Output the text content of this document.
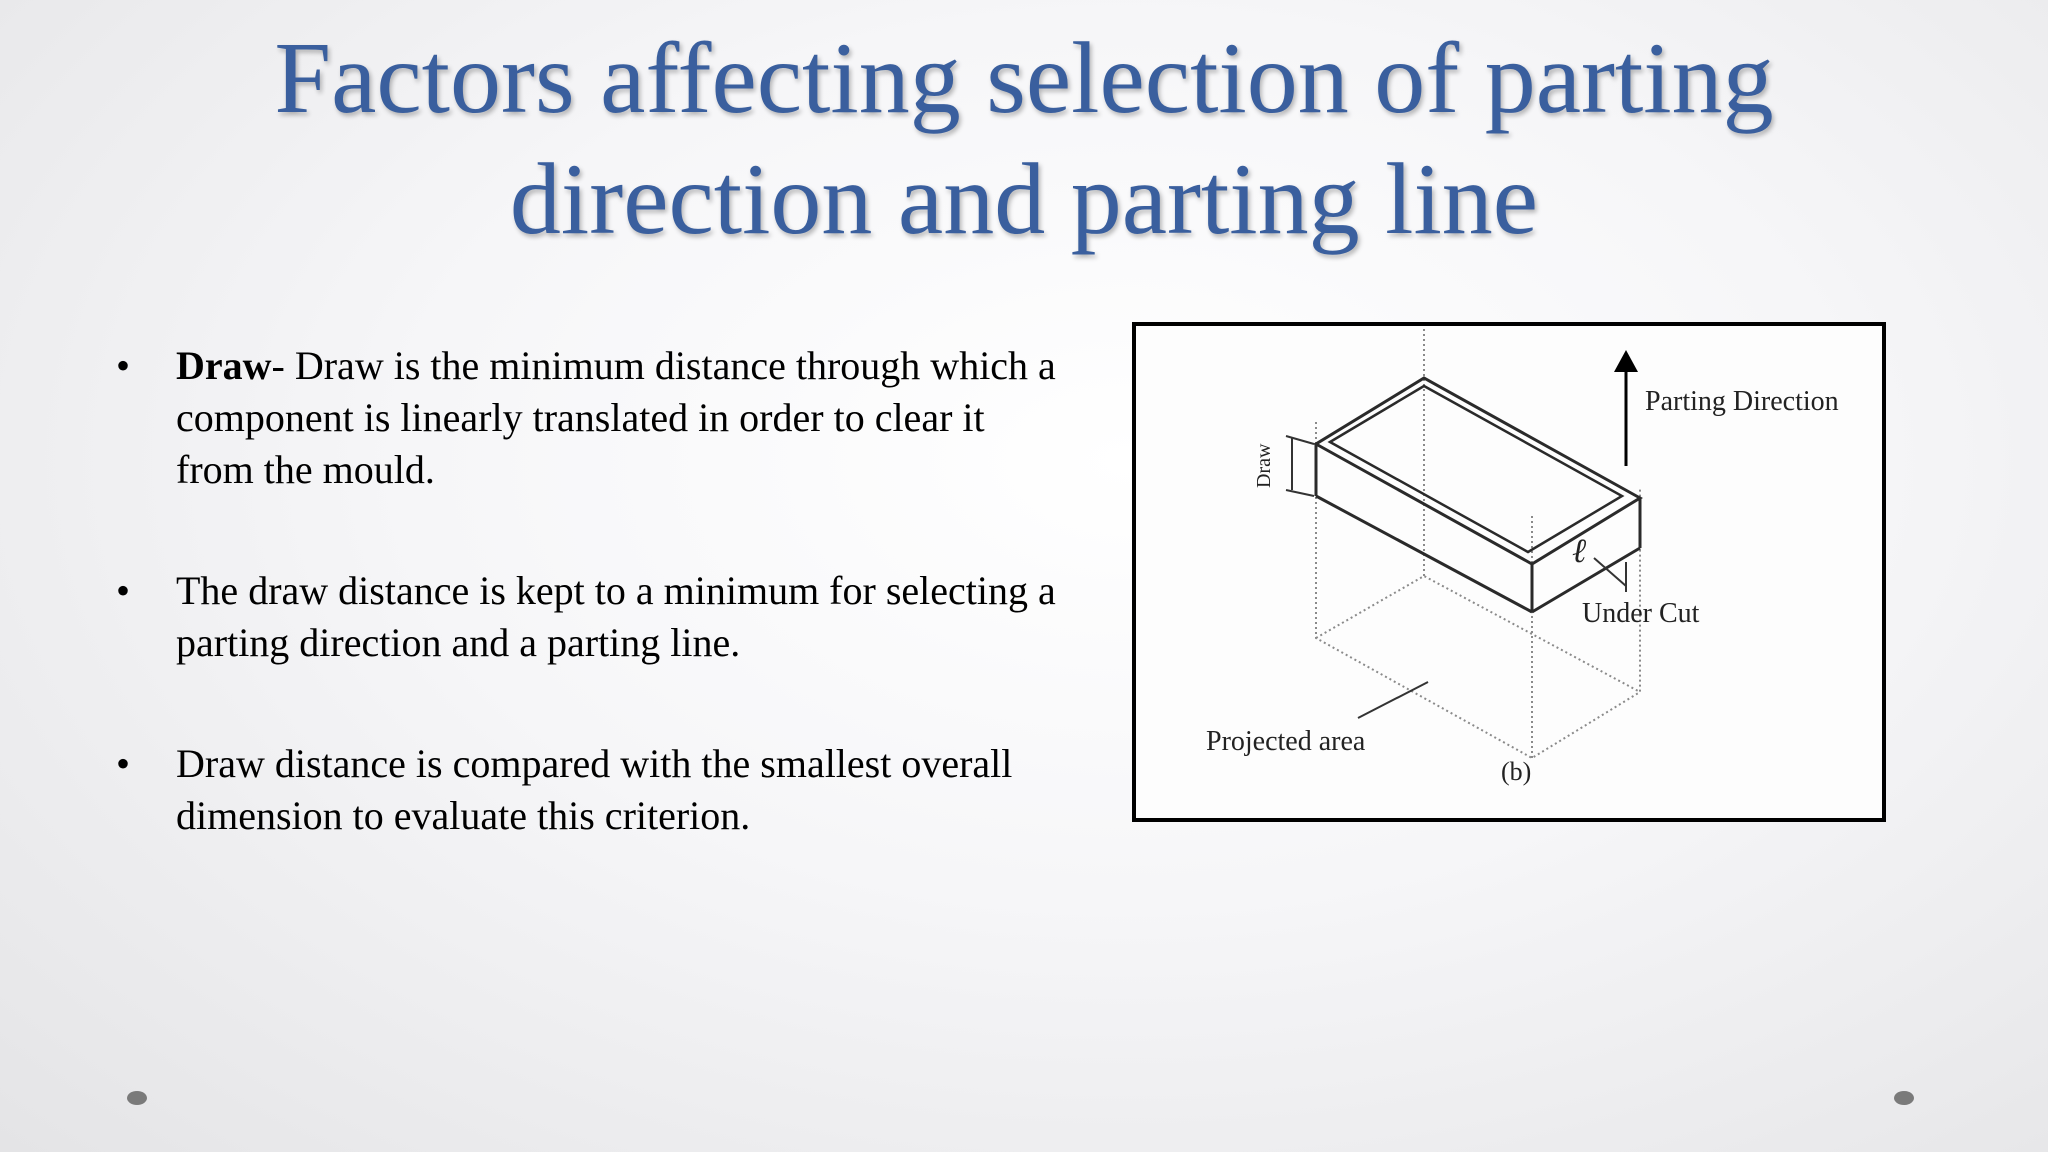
Factors affecting selection of parting
direction and parting line
• Draw- Draw is the minimum distance through which a component is linearly translated in order to clear it from the mould.
• The draw distance is kept to a minimum for selecting a parting direction and a parting line.
• Draw distance is compared with the smallest overall dimension to evaluate this criterion.
Draw
Parting Direction
ℓ
Under Cut
Projected area
(b)
